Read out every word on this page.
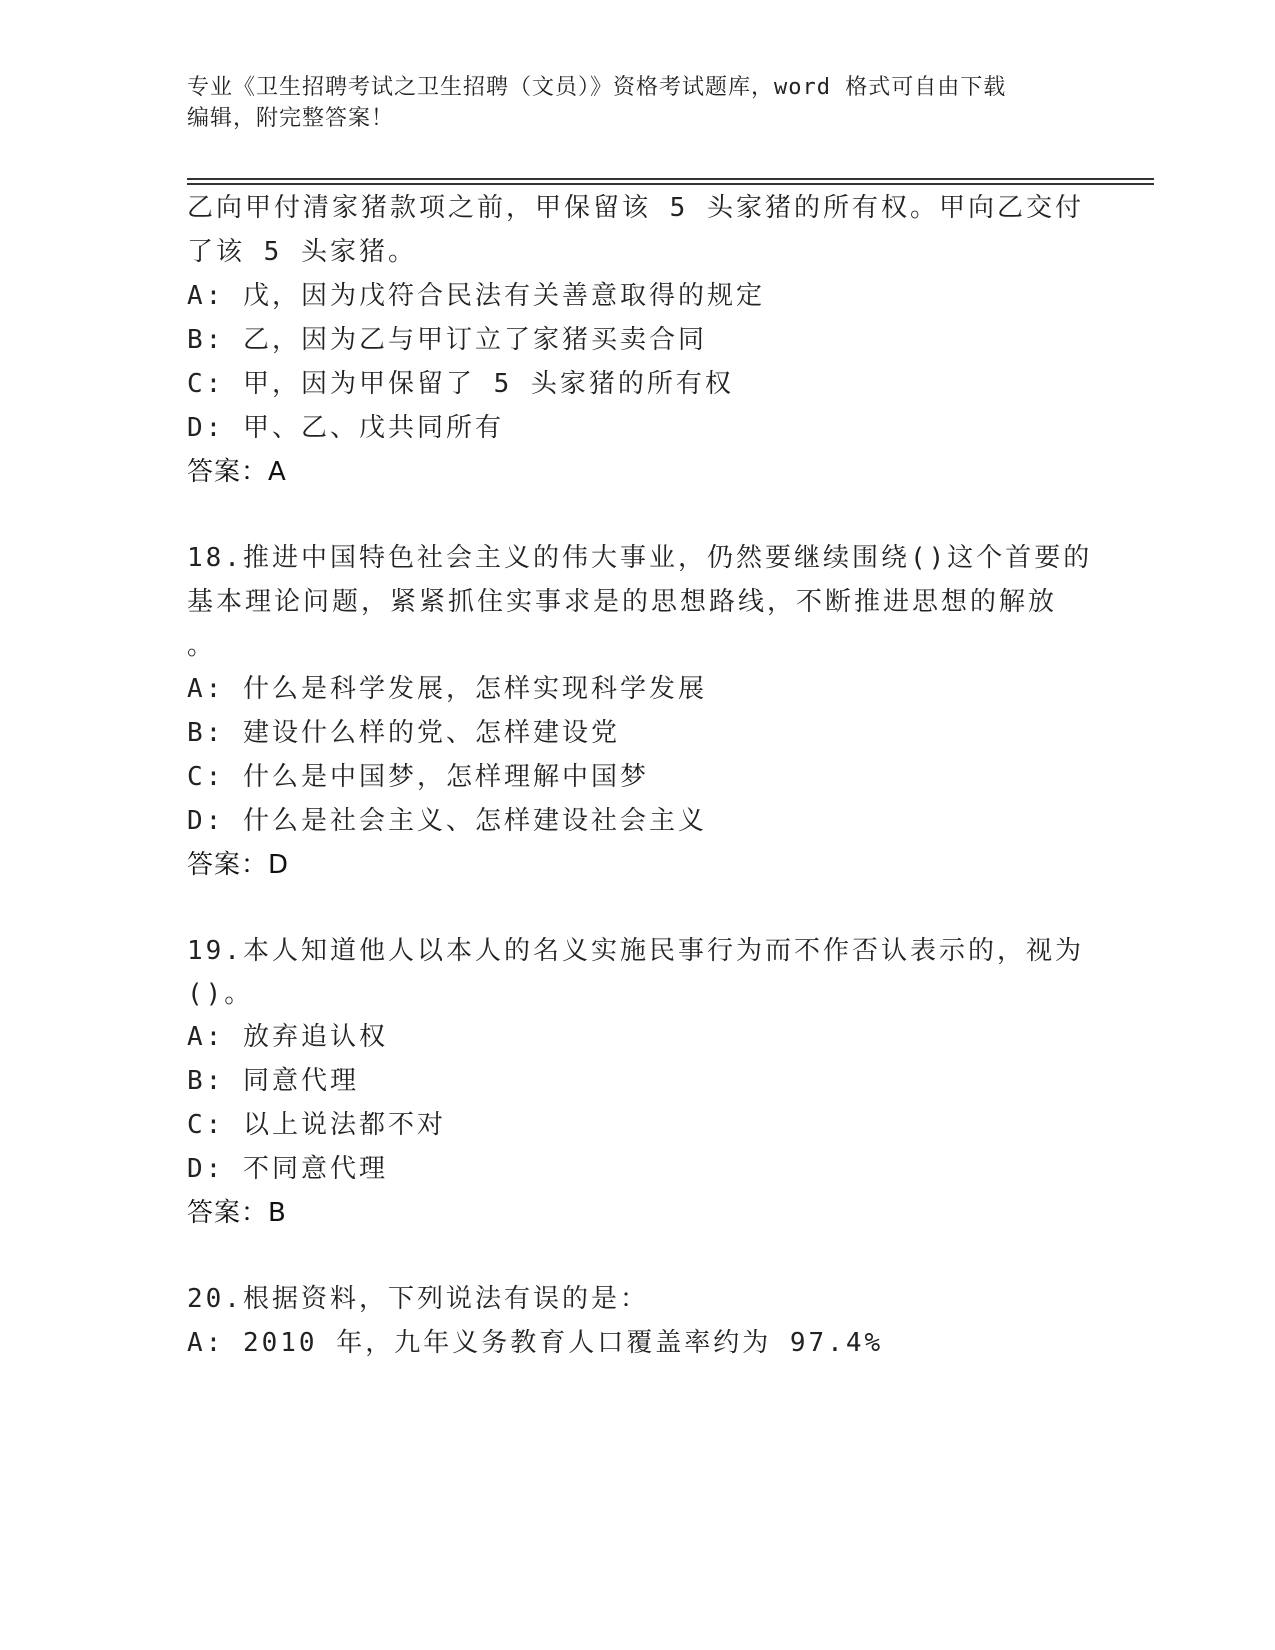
专业《卫生招聘考试之卫生招聘（文员）》资格考试题库，word 格式可自由下载
编辑，附完整答案！
乙向甲付清家猪款项之前，甲保留该 5 头家猪的所有权。甲向乙交付
了该 5 头家猪。
A: 戊，因为戊符合民法有关善意取得的规定
B: 乙，因为乙与甲订立了家猪买卖合同
C: 甲，因为甲保留了 5 头家猪的所有权
D: 甲、乙、戊共同所有
答案：A
18.推进中国特色社会主义的伟大事业，仍然要继续围绕()这个首要的
基本理论问题，紧紧抓住实事求是的思想路线，不断推进思想的解放
。
A: 什么是科学发展，怎样实现科学发展
B: 建设什么样的党、怎样建设党
C: 什么是中国梦，怎样理解中国梦
D: 什么是社会主义、怎样建设社会主义
答案：D
19.本人知道他人以本人的名义实施民事行为而不作否认表示的，视为
()。
A: 放弃追认权
B: 同意代理
C: 以上说法都不对
D: 不同意代理
答案：B
20.根据资料，下列说法有误的是：
A: 2010 年，九年义务教育人口覆盖率约为 97.4%
